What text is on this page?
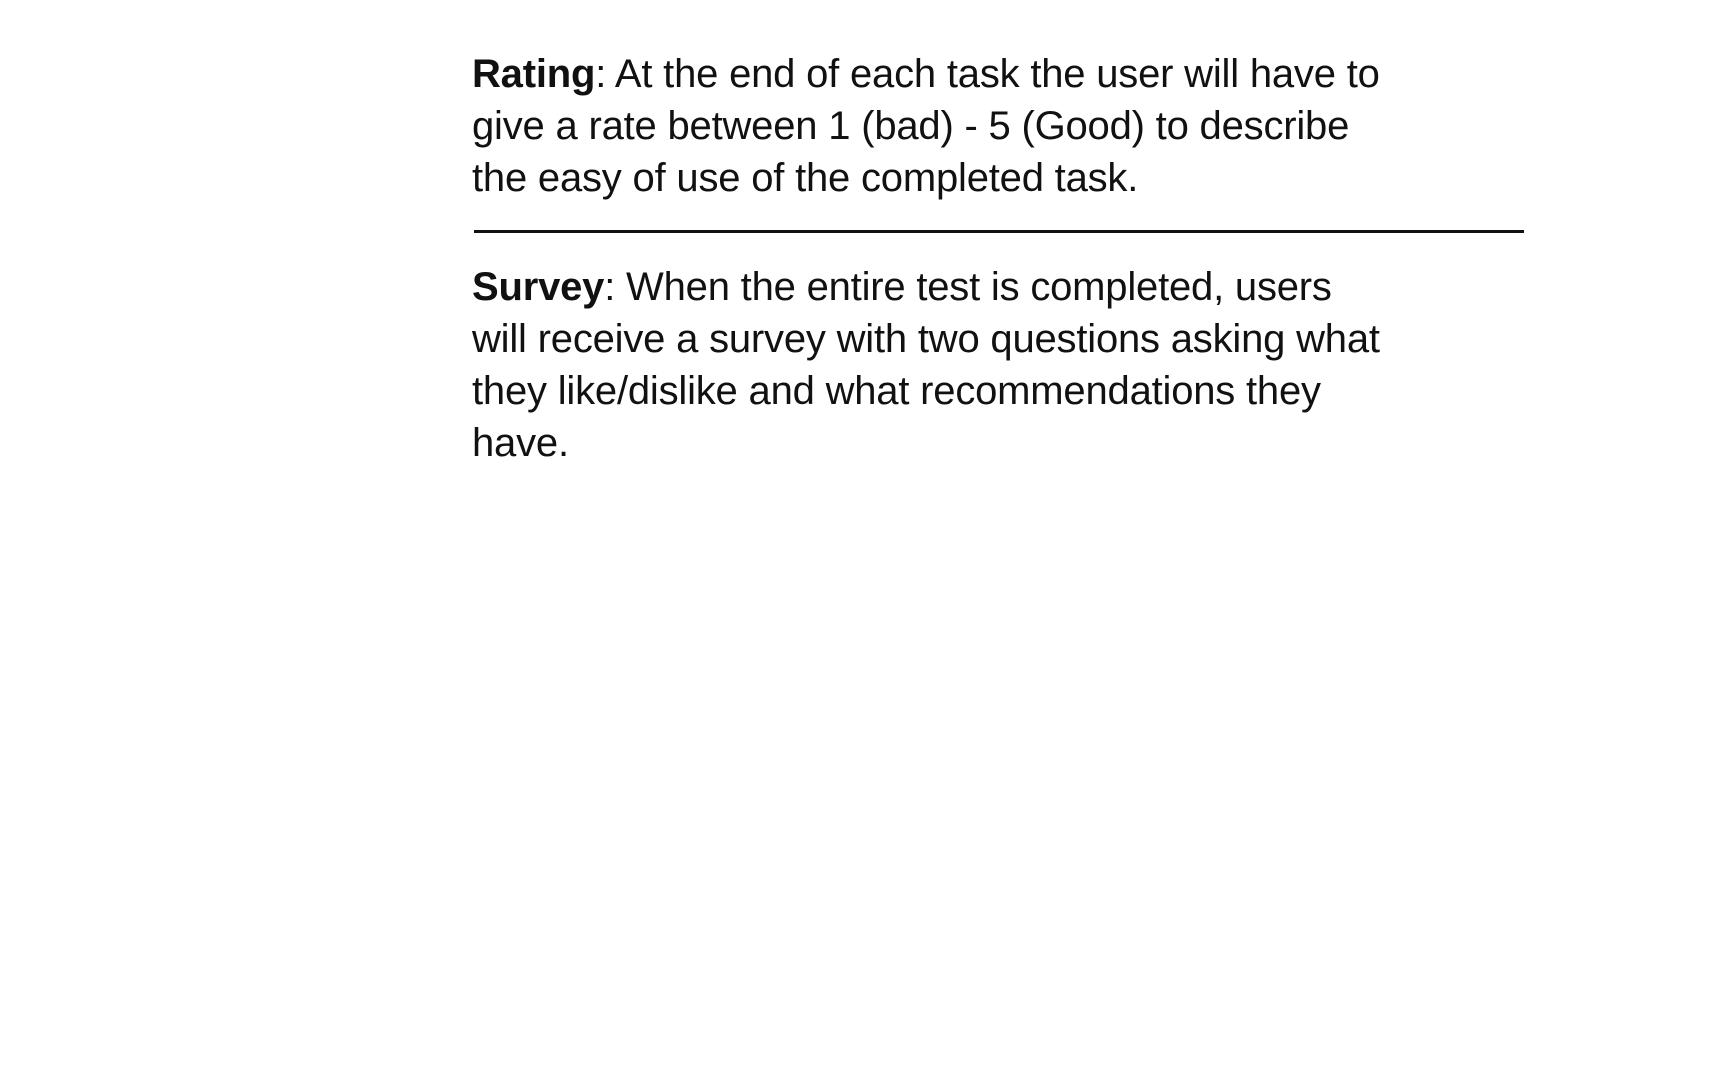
Rating: At the end of each task the user will have to give a rate between 1 (bad) - 5 (Good) to describe the easy of use of the completed task.

Survey: When the entire test is completed, users will receive a survey with two questions asking what they like/dislike and what recommendations they have.
